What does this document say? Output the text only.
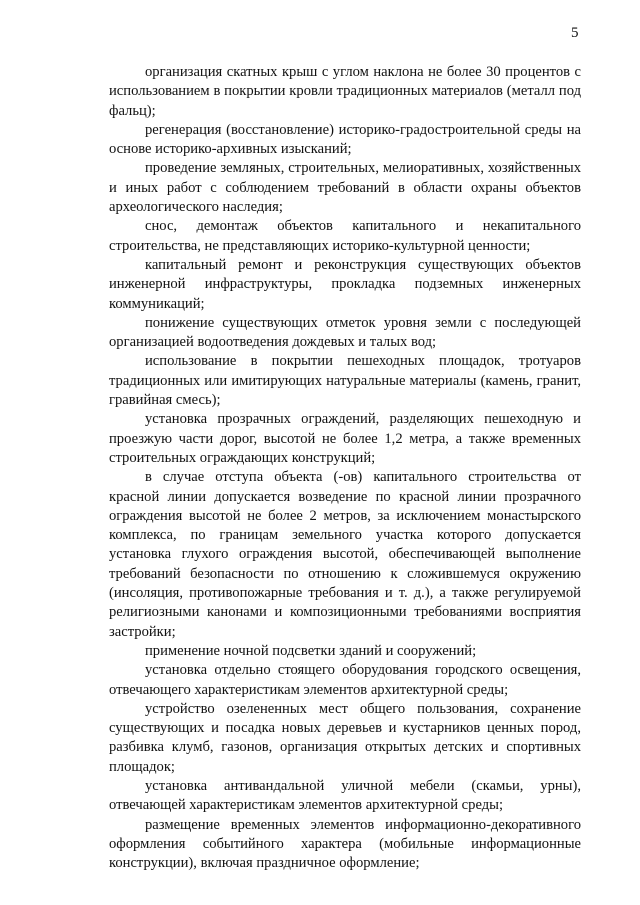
5

организация скатных крыш с углом наклона не более 30 процентов с использованием в покрытии кровли традиционных материалов (металл под фальц);

регенерация (восстановление) историко-градостроительной среды на основе историко-архивных изысканий;

проведение земляных, строительных, мелиоративных, хозяйственных и иных работ с соблюдением требований в области охраны объектов археологического наследия;

снос, демонтаж объектов капитального и некапитального строительства, не представляющих историко-культурной ценности;

капитальный ремонт и реконструкция существующих объектов инженерной инфраструктуры, прокладка подземных инженерных коммуникаций;

понижение существующих отметок уровня земли с последующей организацией водоотведения дождевых и талых вод;

использование в покрытии пешеходных площадок, тротуаров традиционных или имитирующих натуральные материалы (камень, гранит, гравийная смесь);

установка прозрачных ограждений, разделяющих пешеходную и проезжую части дорог, высотой не более 1,2 метра, а также временных строительных ограждающих конструкций;

в случае отступа объекта (-ов) капитального строительства от красной линии допускается возведение по красной линии прозрачного ограждения высотой не более 2 метров, за исключением монастырского комплекса, по границам земельного участка которого допускается установка глухого ограждения высотой, обеспечивающей выполнение требований безопасности по отношению к сложившемуся окружению (инсоляция, противопожарные требования и т. д.), а также регулируемой религиозными канонами и композиционными требованиями восприятия застройки;

применение ночной подсветки зданий и сооружений;

установка отдельно стоящего оборудования городского освещения, отвечающего характеристикам элементов архитектурной среды;

устройство озелененных мест общего пользования, сохранение существующих и посадка новых деревьев и кустарников ценных пород, разбивка клумб, газонов, организация открытых детских и спортивных площадок;

установка антивандальной уличной мебели (скамьи, урны), отвечающей характеристикам элементов архитектурной среды;

размещение временных элементов информационно-декоративного оформления событийного характера (мобильные информационные конструкции), включая праздничное оформление;
